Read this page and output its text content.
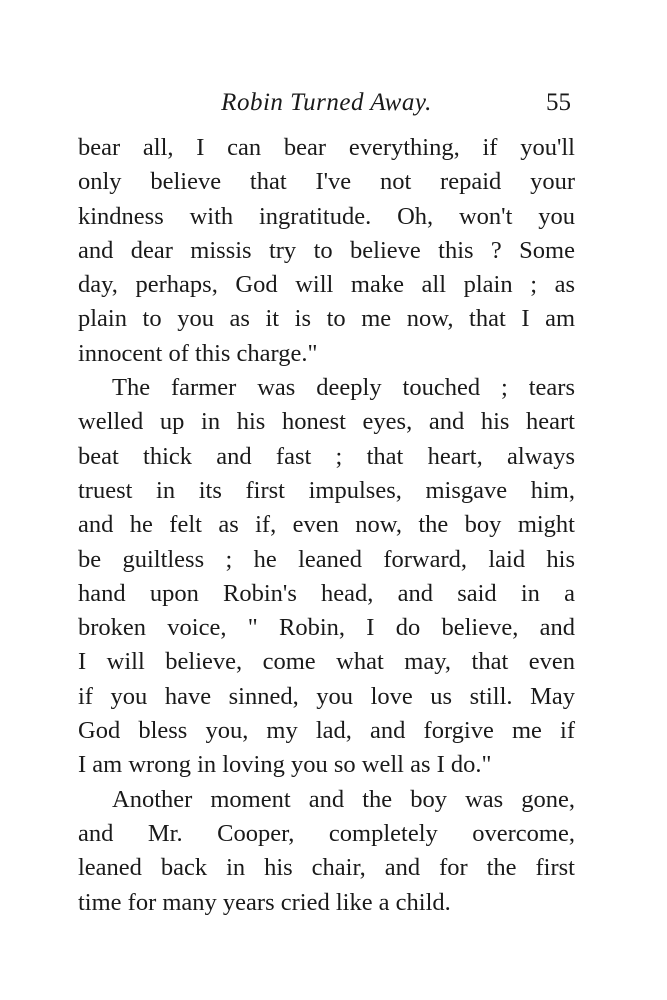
Robin Turned Away.	55
bear all, I can bear everything, if you'll
only believe that I've not repaid your
kindness with ingratitude. Oh, won't you
and dear missis try to believe this ? Some
day, perhaps, God will make all plain ; as
plain to you as it is to me now, that I am
innocent of this charge."
The farmer was deeply touched ; tears
welled up in his honest eyes, and his heart
beat thick and fast ; that heart, always
truest in its first impulses, misgave him,
and he felt as if, even now, the boy might
be guiltless ; he leaned forward, laid his
hand upon Robin's head, and said in a
broken voice, " Robin, I do believe, and
I will believe, come what may, that even
if you have sinned, you love us still. May
God bless you, my lad, and forgive me if
I am wrong in loving you so well as I do."
Another moment and the boy was gone,
and Mr. Cooper, completely overcome,
leaned back in his chair, and for the first
time for many years cried like a child.
